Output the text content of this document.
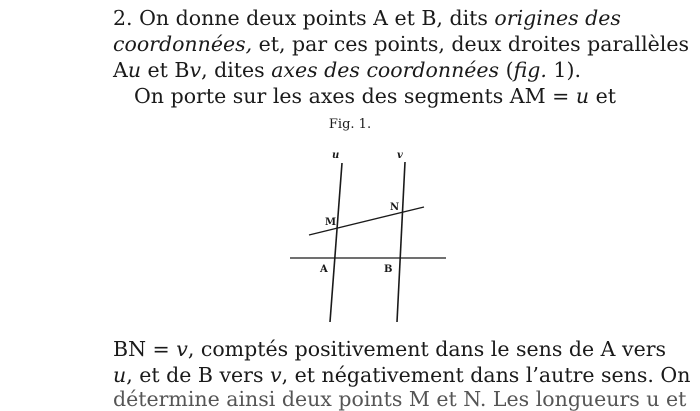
2. On donne deux points A et B, dits origines des
coordonnées, et, par ces points, deux droites parallèles
Au et Bv, dites axes des coordonnées (fig. 1).
On porte sur les axes des segments AM = u et
Fig. 1.
u	v
M
N
A	B
BN = v, comptés positivement dans le sens de A vers
u, et de B vers v, et négativement dans l’autre sens. On
détermine ainsi deux points M et N. Les longueurs u et
